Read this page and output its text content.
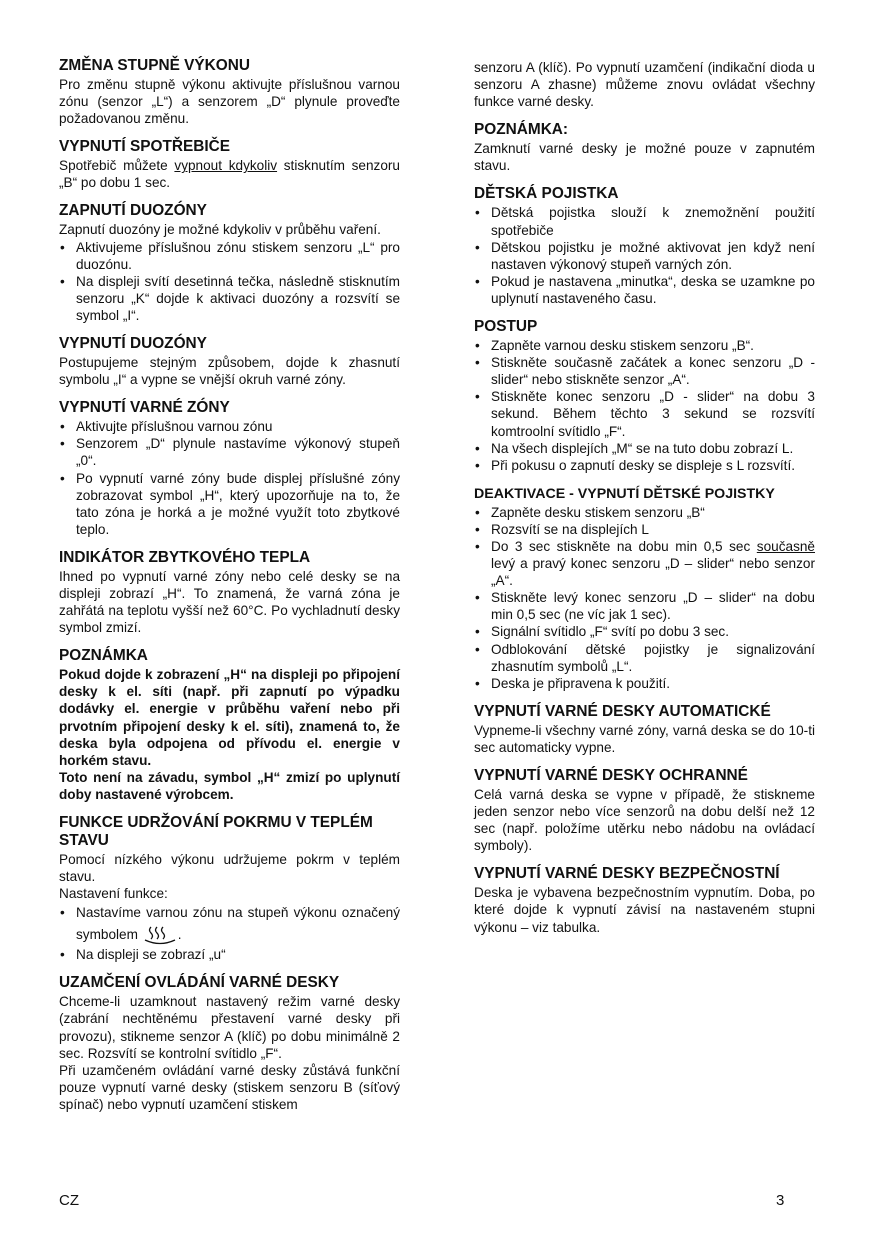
ZMĚNA STUPNĚ VÝKONU

Pro změnu stupně výkonu aktivujte příslušnou varnou zónu (senzor „L“) a senzorem „D“ plynule proveďte požadovanou změnu.

VYPNUTÍ SPOTŘEBIČE

Spotřebič můžete vypnout kdykoliv stisknutím senzoru „B“ po dobu 1 sec.

ZAPNUTÍ DUOZÓNY

Zapnutí duozóny je možné kdykoliv v průběhu vaření.

• Aktivujeme příslušnou zónu stiskem senzoru „L“ pro duozónu.
• Na displeji svítí desetinná tečka, následně stisknutím senzoru „K“ dojde k aktivaci duozóny a rozsvítí se symbol „I“.
VYPNUTÍ DUOZÓNY

Postupujeme stejným způsobem, dojde k zhasnutí symbolu „I“ a vypne se vnější okruh varné zóny.

VYPNUTÍ VARNÉ ZÓNY
• Aktivujte příslušnou varnou zónu
• Senzorem „D“ plynule nastavíme výkonový stupeň „0“.
• Po vypnutí varné zóny bude displej příslušné zóny zobrazovat symbol „H“, který upozorňuje na to, že tato zóna je horká a je možné využít toto zbytkové teplo.
INDIKÁTOR ZBYTKOVÉHO TEPLA

Ihned po vypnutí varné zóny nebo celé desky se na displeji zobrazí „H“. To znamená, že varná zóna je zahřátá na teplotu vyšší než 60°C. Po vychladnutí desky symbol zmizí.

POZNÁMKA

Pokud dojde k zobrazení „H“ na displeji po připojení desky k el. síti (např. při zapnutí po výpadku dodávky el. energie v průběhu vaření nebo při prvotním připojení desky k el. síti), znamená to, že deska byla odpojena od přívodu el. energie v horkém stavu.

Toto není na závadu, symbol „H“ zmizí po uplynutí doby nastavené výrobcem.

FUNKCE UDRŽOVÁNÍ POKRMU V TEPLÉM STAVU

Pomocí nízkého výkonu udržujeme pokrm v teplém stavu.

Nastavení funkce:

• Nastavíme varnou zónu na stupeň výkonu označený symbolem	.
• Na displeji se zobrazí „u“
UZAMČENÍ OVLÁDÁNÍ VARNÉ DESKY

Chceme-li uzamknout nastavený režim varné desky (zabrání nechtěnému přestavení varné desky při provozu), stikneme senzor A (klíč) po dobu minimálně 2 sec. Rozsvítí se kontrolní svítidlo „F“.

Při uzamčeném ovládání varné desky zůstává funkční pouze vypnutí varné desky (stiskem senzoru B (síťový spínač) nebo vypnutí uzamčení stiskem

senzoru A (klíč). Po vypnutí uzamčení (indikační dioda u senzoru A zhasne) můžeme znovu ovládat všechny funkce varné desky.

POZNÁMKA:

Zamknutí varné desky je možné pouze v zapnutém stavu.

DĚTSKÁ POJISTKA
• Dětská pojistka slouží k znemožnění použití spotřebiče
• Dětskou pojistku je možné aktivovat jen když není nastaven výkonový stupeň varných zón.
• Pokud je nastavena „minutka“, deska se uzamkne po uplynutí nastaveného času.
POSTUP
• Zapněte varnou desku stiskem senzoru „B“.
• Stiskněte současně začátek a konec senzoru „D - slider“ nebo stiskněte senzor „A“.
• Stiskněte konec senzoru „D - slider“ na dobu 3 sekund. Během těchto 3 sekund se rozsvítí komtroolní svítidlo „F“.
• Na všech displejích „M“ se na tuto dobu zobrazí L.
• Při pokusu o zapnutí desky se displeje s L rozsvítí.
DEAKTIVACE - VYPNUTÍ DĚTSKÉ POJISTKY
• Zapněte desku stiskem senzoru „B“
• Rozsvítí se na displejích L
• Do 3 sec stiskněte na dobu min 0,5 sec současně levý a pravý konec senzoru „D – slider“ nebo senzor „A“.
• Stiskněte levý konec senzoru „D – slider“ na dobu min 0,5 sec (ne víc jak 1 sec).
• Signální svítidlo „F“ svítí po dobu 3 sec.
• Odblokování dětské pojistky je signalizování zhasnutím symbolů „L“.
• Deska je připravena k použití.
VYPNUTÍ VARNÉ DESKY AUTOMATICKÉ

Vypneme-li všechny varné zóny, varná deska se do 10-ti sec automaticky vypne.

VYPNUTÍ VARNÉ DESKY OCHRANNÉ

Celá varná deska se vypne v případě, že stiskneme jeden senzor nebo více senzorů na dobu delší než 12 sec (např. položíme utěrku nebo nádobu na ovládací symboly).

VYPNUTÍ VARNÉ DESKY BEZPEČNOSTNÍ

Deska je vybavena bezpečnostním vypnutím. Doba, po které dojde k vypnutí závisí na nastaveném stupni výkonu – viz tabulka.

CZ	3
